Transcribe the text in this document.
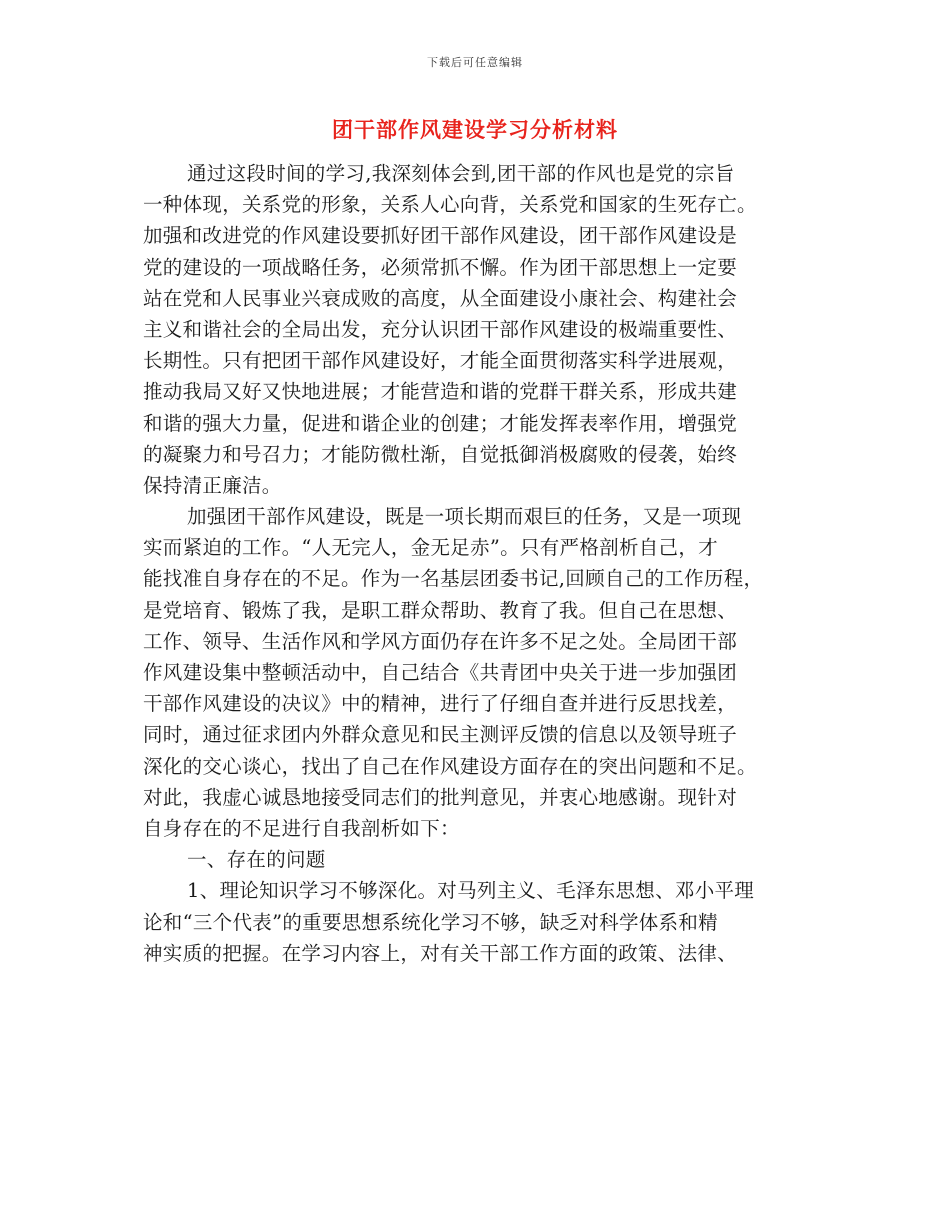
下载后可任意编辑
团干部作风建设学习分析材料
通过这段时间的学习,我深刻体会到,团干部的作风也是党的宗旨
一种体现，关系党的形象，关系人心向背，关系党和国家的生死存亡。
加强和改进党的作风建设要抓好团干部作风建设，团干部作风建设是
党的建设的一项战略任务，必须常抓不懈。作为团干部思想上一定要
站在党和人民事业兴衰成败的高度，从全面建设小康社会、构建社会
主义和谐社会的全局出发，充分认识团干部作风建设的极端重要性、
长期性。只有把团干部作风建设好，才能全面贯彻落实科学进展观，
推动我局又好又快地进展；才能营造和谐的党群干群关系，形成共建
和谐的强大力量，促进和谐企业的创建；才能发挥表率作用，增强党
的凝聚力和号召力；才能防微杜渐，自觉抵御消极腐败的侵袭，始终
保持清正廉洁。
加强团干部作风建设，既是一项长期而艰巨的任务，又是一项现
实而紧迫的工作。“人无完人，金无足赤”。只有严格剖析自己，才
能找准自身存在的不足。作为一名基层团委书记,回顾自己的工作历程，
是党培育、锻炼了我，是职工群众帮助、教育了我。但自己在思想、
工作、领导、生活作风和学风方面仍存在许多不足之处。全局团干部
作风建设集中整顿活动中，自己结合《共青团中央关于进一步加强团
干部作风建设的决议》中的精神，进行了仔细自查并进行反思找差，
同时，通过征求团内外群众意见和民主测评反馈的信息以及领导班子
深化的交心谈心，找出了自己在作风建设方面存在的突出问题和不足。
对此，我虚心诚恳地接受同志们的批判意见，并衷心地感谢。现针对
自身存在的不足进行自我剖析如下：
一、存在的问题
1、理论知识学习不够深化。对马列主义、毛泽东思想、邓小平理
论和“三个代表”的重要思想系统化学习不够，缺乏对科学体系和精
神实质的把握。在学习内容上，对有关干部工作方面的政策、法律、
